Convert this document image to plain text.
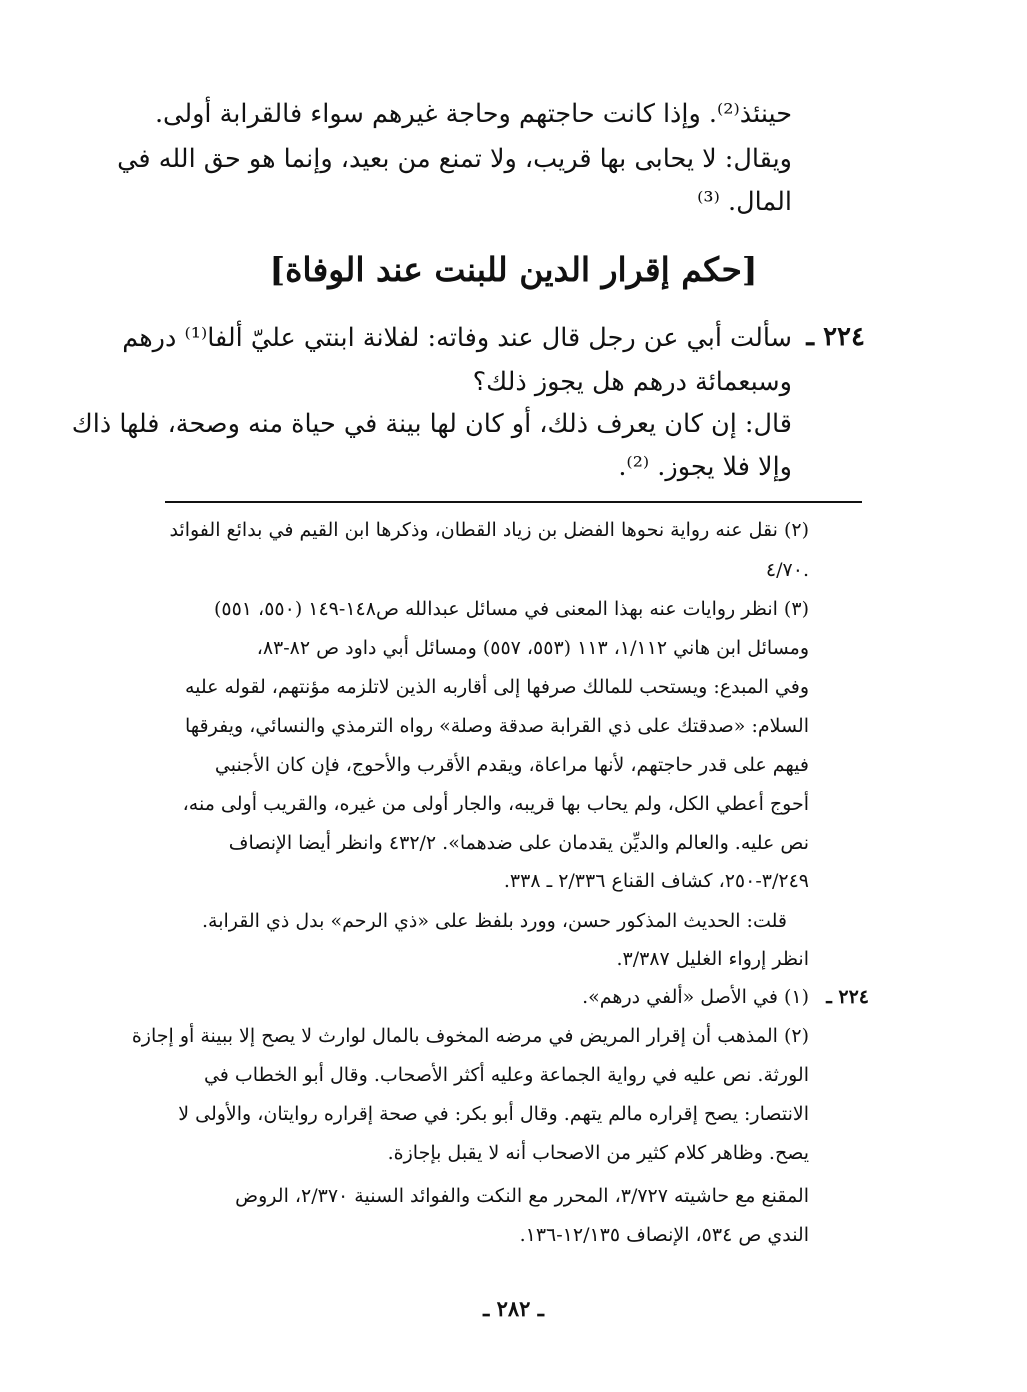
حينئذ⁽²⁾. وإذا كانت حاجتهم وحاجة غيرهم سواء فالقرابة أولى.
ويقال: لا يحابى بها قريب، ولا تمنع من بعيد، وإنما هو حق الله في
المال. ⁽³⁾
[حكم إقرار الدين للبنت عند الوفاة]
٢٢٤ ـ
سألت أبي عن رجل قال عند وفاته: لفلانة ابنتي عليّ ألفا⁽¹⁾ درهم
وسبعمائة درهم هل يجوز ذلك؟
قال: إن كان يعرف ذلك، أو كان لها بينة في حياة منه وصحة، فلها ذاك
وإلا فلا يجوز. ⁽²⁾.
(٢) نقل عنه رواية نحوها الفضل بن زياد القطان، وذكرها ابن القيم في بدائع الفوائد
.٤/٧٠
(٣) انظر روايات عنه بهذا المعنى في مسائل عبدالله ص١٤٨-١٤٩ (٥٥٠، ٥٥١)
ومسائل ابن هاني ١/١١٢، ١١٣ (٥٥٣، ٥٥٧) ومسائل أبي داود ص ٨٢-٨٣،
وفي المبدع: ويستحب للمالك صرفها إلى أقاربه الذين لاتلزمه مؤنتهم، لقوله عليه
السلام: «صدقتك على ذي القرابة صدقة وصلة» رواه الترمذي والنسائي، ويفرقها
فيهم على قدر حاجتهم، لأنها مراعاة، ويقدم الأقرب والأحوج، فإن كان الأجنبي
أحوج أعطي الكل، ولم يحاب بها قريبه، والجار أولى من غيره، والقريب أولى منه،
نص عليه. والعالم والديِّن يقدمان على ضدهما». ٤٣٢/٢ وانظر أيضا الإنصاف
٣/٢٤٩-٢٥٠، كشاف القناع ٢/٣٣٦ ـ ٣٣٨.
قلت: الحديث المذكور حسن، وورد بلفظ على «ذي الرحم» بدل ذي القرابة.
انظر إرواء الغليل ٣/٣٨٧.
٢٢٤ ـ
(١) في الأصل «ألفي درهم».
(٢) المذهب أن إقرار المريض في مرضه المخوف بالمال لوارث لا يصح إلا ببينة أو إجازة
الورثة. نص عليه في رواية الجماعة وعليه أكثر الأصحاب. وقال أبو الخطاب في
الانتصار: يصح إقراره مالم يتهم. وقال أبو بكر: في صحة إقراره روايتان، والأولى لا
يصح. وظاهر كلام كثير من الاصحاب أنه لا يقبل بإجازة.
المقنع مع حاشيته ٣/٧٢٧، المحرر مع النكت والفوائد السنية ٢/٣٧٠، الروض
الندي ص ٥٣٤، الإنصاف ١٢/١٣٥-١٣٦.
ـ ٢٨٢ ـ
